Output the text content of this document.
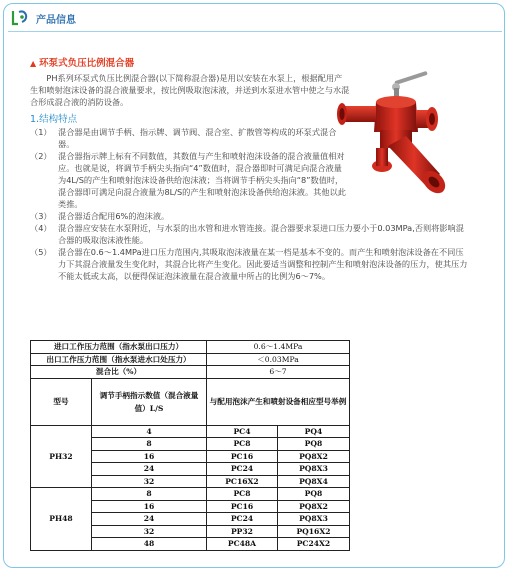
产品信息
▲ 环泵式负压比例混合器
PH系列环泵式负压比例混合器(以下简称混合器)是用以安装在水泵上，根据配用产生和喷射泡沫设备的混合液量要求，按比例吸取泡沫液，并送到水泵进水管中使之与水混合形成混合液的消防设备。
1.结构特点
（1） 混合器是由调节手柄、指示牌、调节阀、混合室、扩散管等构成的环泵式混合器。
（2） 混合器指示牌上标有不同数值，其数值与产生和喷射泡沫设备的混合液量值相对应。也就是说，将调节手柄尖头指向“4”数值时，混合器即时可满足向混合液量为4L/S的产生和喷射泡沫设备供给泡沫液；当将调节手柄尖头指向“8”数值时，混合器即可满足向混合液量为8L/S的产生和喷射泡沫设备供给泡沫液。其他以此类推。
（3） 混合器适合配用6%的泡沫液。
（4） 混合器应安装在水泵附近，与水泵的出水管和进水管连接。混合器要求泵进口压力要小于0.03MPa,否则将影响混合器的吸取泡沫液性能。
（5） 混合器在0.6～1.4MPa进口压力范围内,其吸取泡沫液量在某一档是基本不变的。而产生和喷射泡沫设备在不同压力下其混合液量发生变化时，其混合比将产生变化。因此要适当调整和控制产生和喷射泡沫设备的压力，使其压力不能太低或太高，以便得保证泡沫液量在混合液量中所占的比例为6～7%。
进口工作压力范围（指水泵出口压力）		0.6～1.4MPa	
出口工作压力范围（指水泵进水口处压力）		＜0.03MPa	
混合比（%）		6～7	
型号	调节手柄指示数值（混合液量值）L/S	与配用泡沫产生和喷射设备相应型号举例	
PH32	4	PC4	PQ4
	8	PC8	PQ8
	16	PC16	PQ8X2
	24	PC24	PQ8X3
	32	PC16X2	PQ8X4
PH48	8	PC8	PQ8
	16	PC16	PQ8X2
	24	PC24	PQ8X3
	32	PP32	PQ16X2
	48	PC48A	PC24X2
